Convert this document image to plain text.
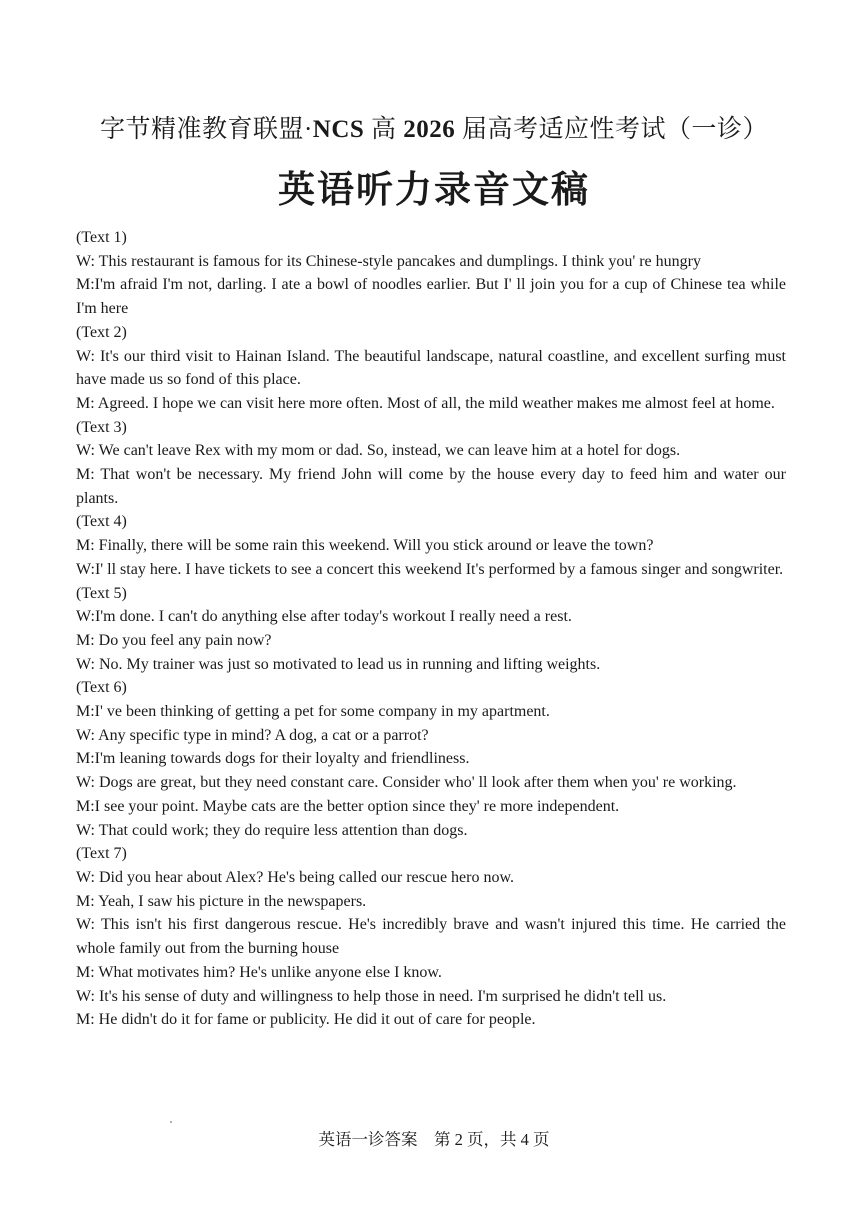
字节精准教育联盟·NCS 高 2026 届高考适应性考试（一诊）
英语听力录音文稿

(Text 1)

W: This restaurant is famous for its Chinese-style pancakes and dumplings. I think you' re hungry

M:I'm afraid I'm not, darling. I ate a bowl of noodles earlier. But I' ll join you for a cup of Chinese tea while I'm here

(Text 2)

W: It's our third visit to Hainan Island. The beautiful landscape, natural coastline, and excellent surfing must have made us so fond of this place.

M: Agreed. I hope we can visit here more often. Most of all, the mild weather makes me almost feel at home.

(Text 3)

W: We can't leave Rex with my mom or dad. So, instead, we can leave him at a hotel for dogs.

M: That won't be necessary. My friend John will come by the house every day to feed him and water our plants.

(Text 4)

M: Finally, there will be some rain this weekend. Will you stick around or leave the town?

W:I' ll stay here. I have tickets to see a concert this weekend It's performed by a famous singer and songwriter.

(Text 5)

W:I'm done. I can't do anything else after today's workout I really need a rest.

M: Do you feel any pain now?

W: No. My trainer was just so motivated to lead us in running and lifting weights.

(Text 6)

M:I' ve been thinking of getting a pet for some company in my apartment.

W: Any specific type in mind? A dog, a cat or a parrot?

M:I'm leaning towards dogs for their loyalty and friendliness.

W: Dogs are great, but they need constant care. Consider who' ll look after them when you' re working.

M:I see your point. Maybe cats are the better option since they' re more independent.

W: That could work; they do require less attention than dogs.

(Text 7)

W: Did you hear about Alex? He's being called our rescue hero now.

M: Yeah, I saw his picture in the newspapers.

W: This isn't his first dangerous rescue. He's incredibly brave and wasn't injured this time. He carried the whole family out from the burning house

M: What motivates him? He's unlike anyone else I know.

W: It's his sense of duty and willingness to help those in need. I'm surprised he didn't tell us.

M: He didn't do it for fame or publicity. He did it out of care for people.

英语一诊答案　第 2 页，共 4 页
